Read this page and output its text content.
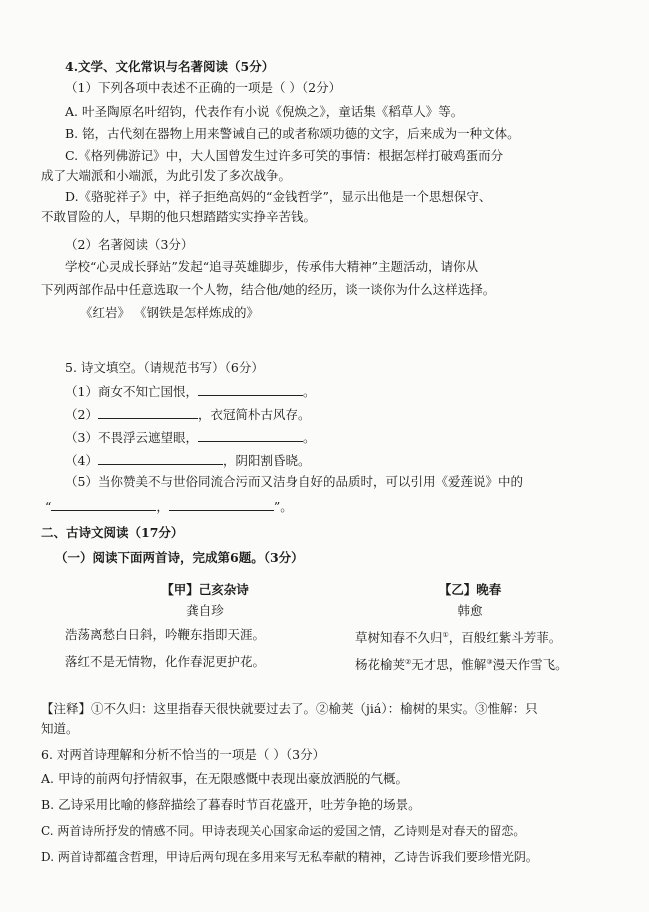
4.文学、文化常识与名著阅读（5分）
（1）下列各项中表述不正确的一项是（ ）（2分）
A. 叶圣陶原名叶绍钧，代表作有小说《倪焕之》，童话集《稻草人》等。
B. 铭，古代刻在器物上用来警诫自己的或者称颂功德的文字，后来成为一种文体。
C.《格列佛游记》中，大人国曾发生过许多可笑的事情：根据怎样打破鸡蛋而分
成了大端派和小端派，为此引发了多次战争。
D.《骆驼祥子》中，祥子拒绝高妈的“金钱哲学”，显示出他是一个思想保守、
不敢冒险的人，早期的他只想踏踏实实挣辛苦钱。
（2）名著阅读（3分）
学校“心灵成长驿站”发起“追寻英雄脚步，传承伟大精神”主题活动，请你从
下列两部作品中任意选取一个人物，结合他/她的经历，谈一谈你为什么这样选择。
《红岩》 《钢铁是怎样炼成的》
5. 诗文填空。（请规范书写）（6分）
（1）商女不知亡国恨，	。
（2）	，衣冠简朴古风存。
（3）不畏浮云遮望眼，	。
（4）	，阴阳割昏晓。
（5）当你赞美不与世俗同流合污而又洁身自好的品质时，可以引用《爱莲说》中的
“	，	”。
二、古诗文阅读（17分）
（一）阅读下面两首诗，完成第6题。（3分）
【甲】己亥杂诗
龚自珍
浩荡离愁白日斜，吟鞭东指即天涯。
落红不是无情物，化作春泥更护花。
【乙】晚春
韩愈
草树知春不久归①，百般红紫斗芳菲。
杨花榆荚②无才思，惟解③漫天作雪飞。
【注释】①不久归：这里指春天很快就要过去了。②榆荚（jiá）：榆树的果实。③惟解：只
知道。
6. 对两首诗理解和分析不恰当的一项是（ ）（3分）
A. 甲诗的前两句抒情叙事，在无限感慨中表现出豪放洒脱的气概。
B. 乙诗采用比喻的修辞描绘了暮春时节百花盛开，吐芳争艳的场景。
C. 两首诗所抒发的情感不同。甲诗表现关心国家命运的爱国之情，乙诗则是对春天的留恋。
D. 两首诗都蕴含哲理，甲诗后两句现在多用来写无私奉献的精神，乙诗告诉我们要珍惜光阴。
